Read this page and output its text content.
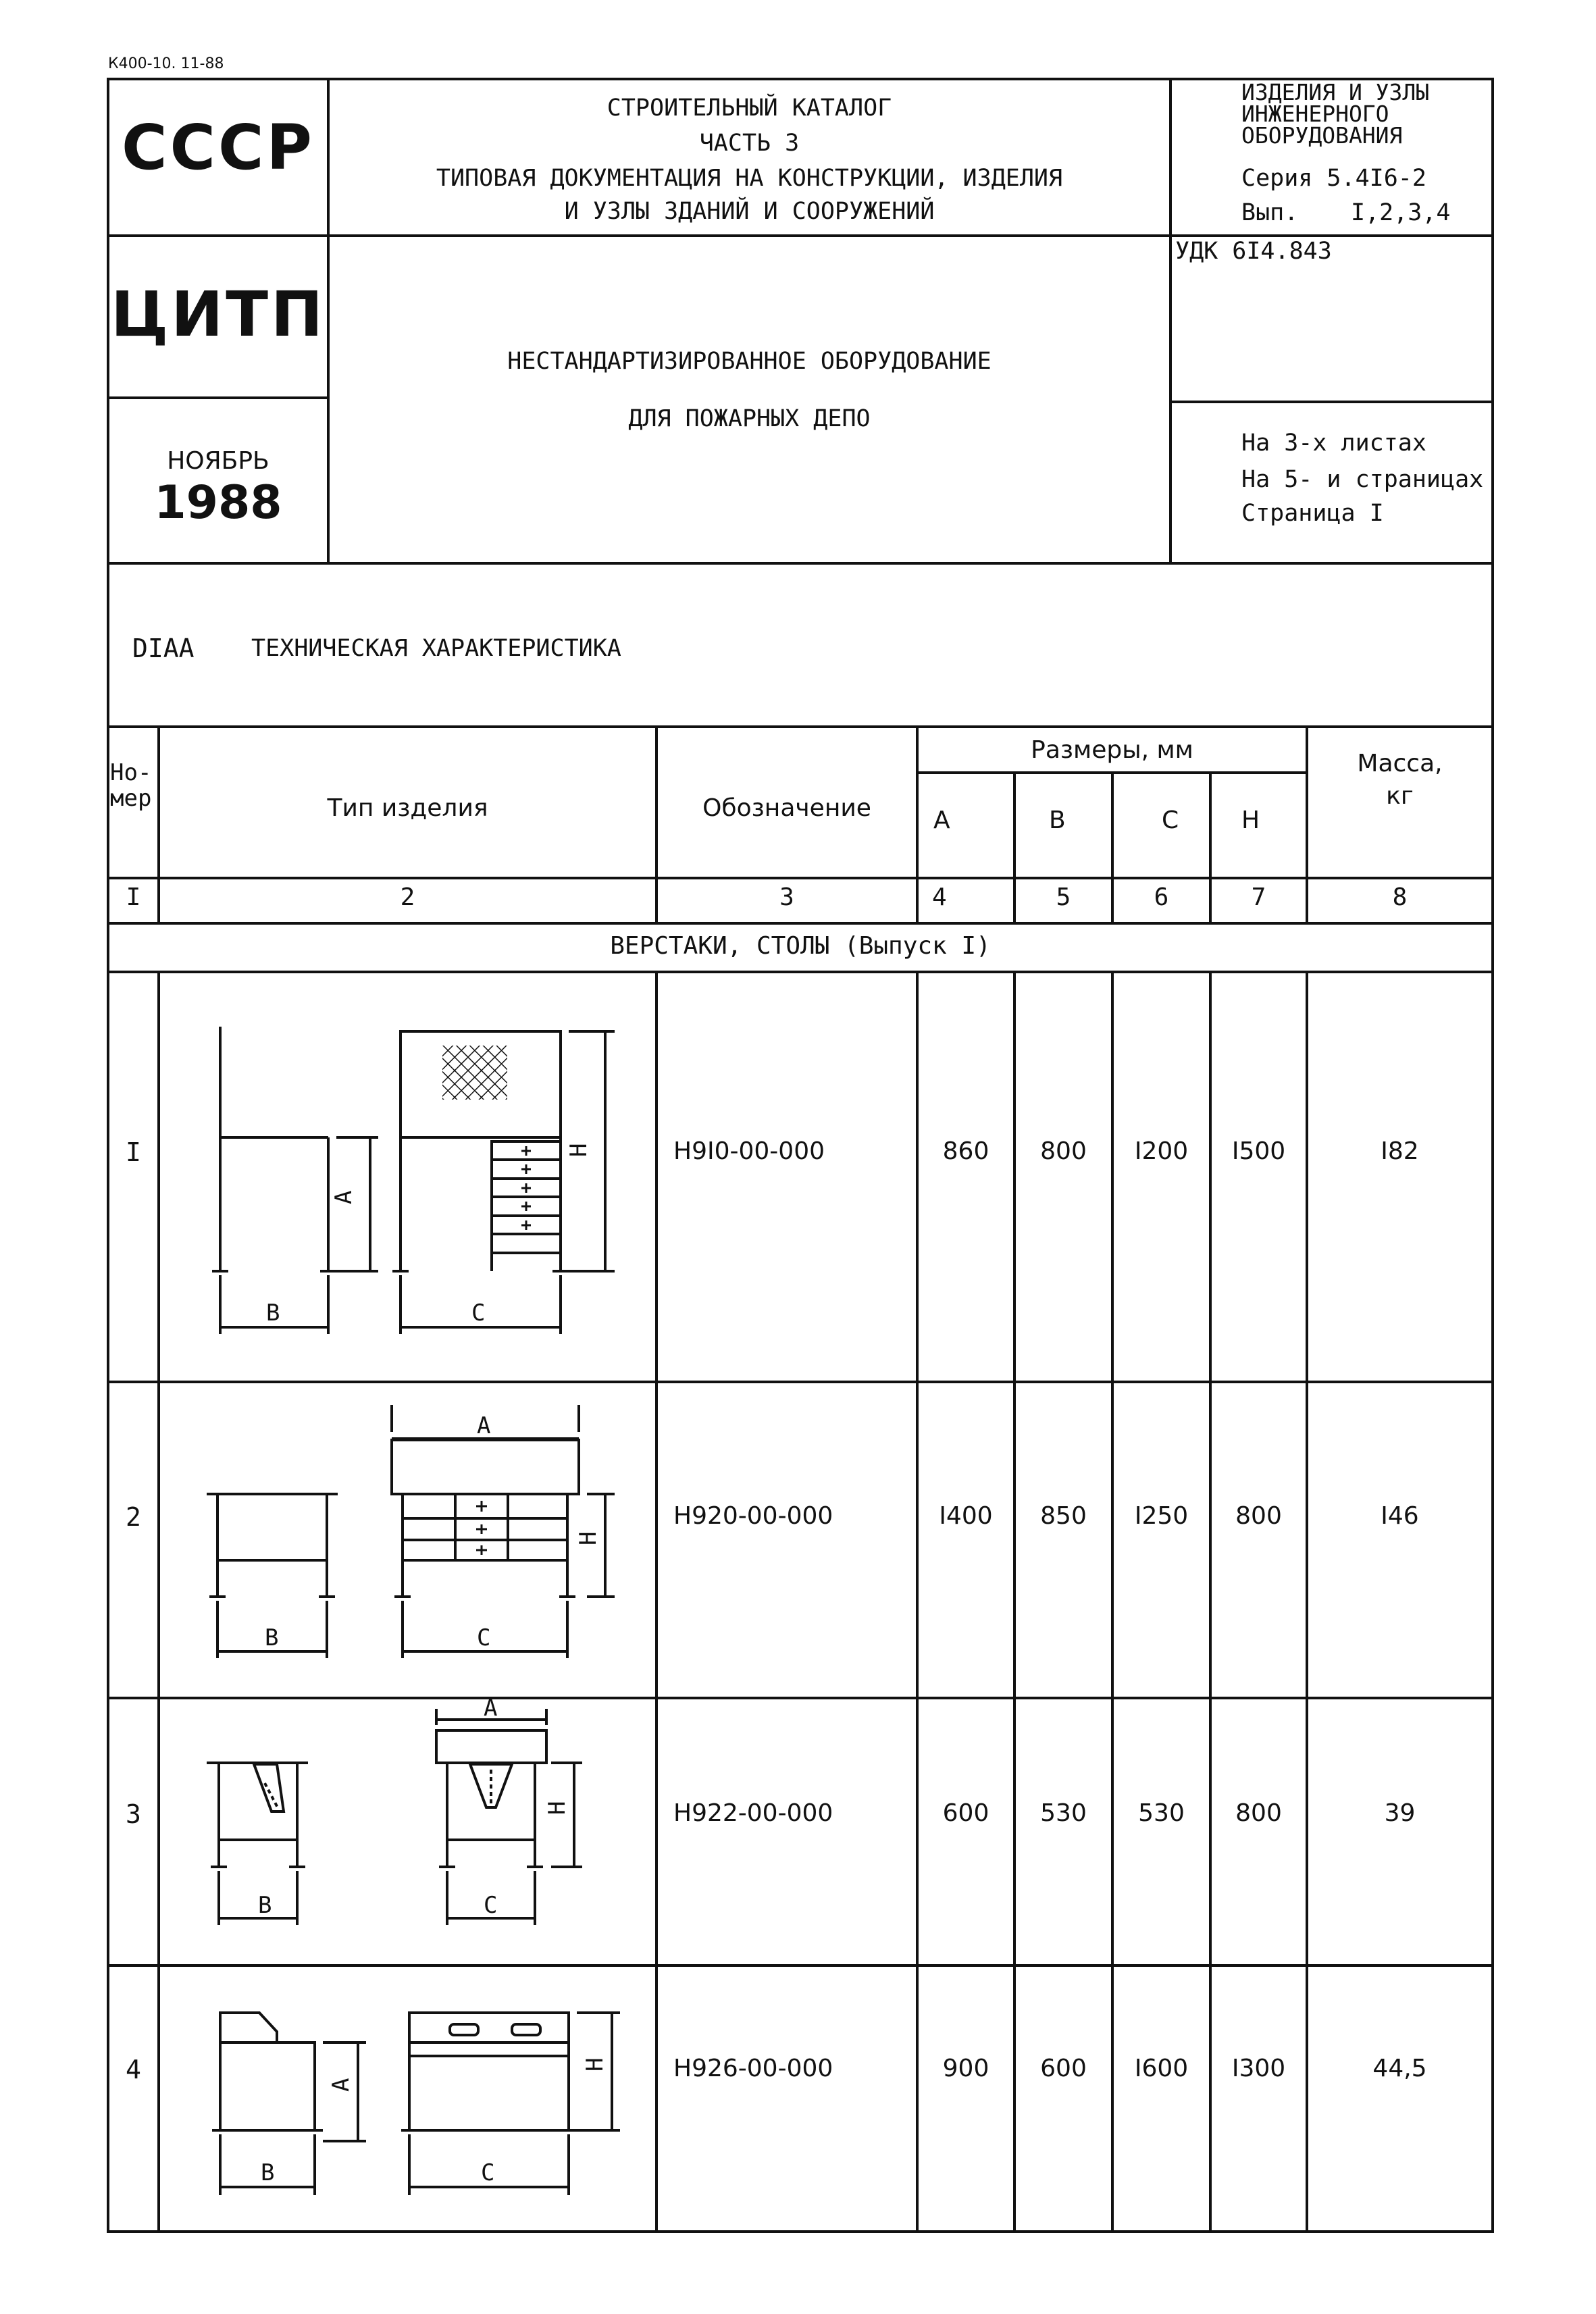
К400-10. 11-88
СССР
ЦИТП
НОЯБРЬ
1988
СТРОИТЕЛЬНЫЙ КАТАЛОГ
ЧАСТЬ 3
ТИПОВАЯ ДОКУМЕНТАЦИЯ НА КОНСТРУКЦИИ, ИЗДЕЛИЯ
И УЗЛЫ ЗДАНИЙ И СООРУЖЕНИЙ
ИЗДЕЛИЯ И УЗЛЫ
ИНЖЕНЕРНОГО
ОБОРУДОВАНИЯ
Серия 5.4I6-2
Вып. I,2,3,4
УДК 6I4.843
НЕСТАНДАРТИЗИРОВАННОЕ ОБОРУДОВАНИЕ
ДЛЯ ПОЖАРНЫХ ДЕПО
На 3-х листах
На 5- и страницах
Страница I
DIAA ТЕХНИЧЕСКАЯ ХАРАКТЕРИСТИКА
Но-
мер	Тип изделия	Обозначение
Размеры, мм	Масса,
кг
А	В	С	Н
I	2	3	4	5	6	7	8
ВЕРСТАКИ, СТОЛЫ (Выпуск I)
I	Н9I0-00-000	860	800	I200	I500	I82
2	Н920-00-000	I400	850	I250	800	I46
3	Н922-00-000	600	530	530	800	39
4	Н926-00-000	900	600	I600	I300	44,5
В	С
А
Н
А
В	С
Н
А
В	С
Н
В	С
А
Н
